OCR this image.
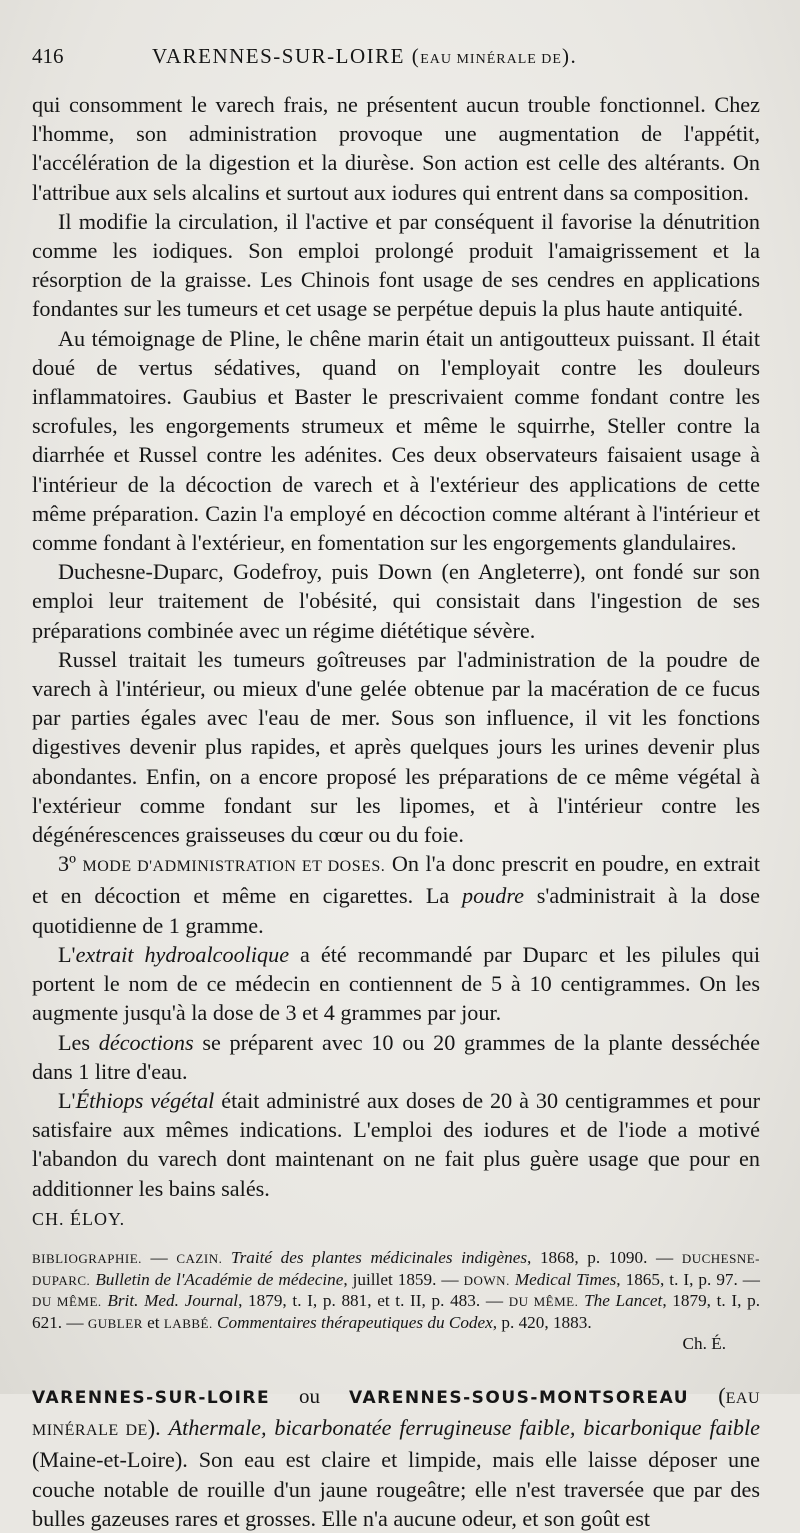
416	VARENNES-SUR-LOIRE (EAU MINÉRALE DE).

qui consomment le varech frais, ne présentent aucun trouble fonctionnel. Chez l'homme, son administration provoque une augmentation de l'appétit, l'accélération de la digestion et la diurèse. Son action est celle des altérants. On l'attribue aux sels alcalins et surtout aux iodures qui entrent dans sa composition.

Il modifie la circulation, il l'active et par conséquent il favorise la dénutrition comme les iodiques. Son emploi prolongé produit l'amaigrissement et la résorption de la graisse. Les Chinois font usage de ses cendres en applications fondantes sur les tumeurs et cet usage se perpétue depuis la plus haute antiquité.

Au témoignage de Pline, le chêne marin était un antigoutteux puissant. Il était doué de vertus sédatives, quand on l'employait contre les douleurs inflammatoires. Gaubius et Baster le prescrivaient comme fondant contre les scrofules, les engorgements strumeux et même le squirrhe, Steller contre la diarrhée et Russel contre les adénites. Ces deux observateurs faisaient usage à l'intérieur de la décoction de varech et à l'extérieur des applications de cette même préparation. Cazin l'a employé en décoction comme altérant à l'intérieur et comme fondant à l'extérieur, en fomentation sur les engorgements glandulaires.

Duchesne-Duparc, Godefroy, puis Down (en Angleterre), ont fondé sur son emploi leur traitement de l'obésité, qui consistait dans l'ingestion de ses préparations combinée avec un régime diététique sévère.

Russel traitait les tumeurs goîtreuses par l'administration de la poudre de varech à l'intérieur, ou mieux d'une gelée obtenue par la macération de ce fucus par parties égales avec l'eau de mer. Sous son influence, il vit les fonctions digestives devenir plus rapides, et après quelques jours les urines devenir plus abondantes. Enfin, on a encore proposé les préparations de ce même végétal à l'extérieur comme fondant sur les lipomes, et à l'intérieur contre les dégénérescences graisseuses du cœur ou du foie.

3º MODE D'ADMINISTRATION ET DOSES. On l'a donc prescrit en poudre, en extrait et en décoction et même en cigarettes. La poudre s'administrait à la dose quotidienne de 1 gramme.

L'extrait hydroalcoolique a été recommandé par Duparc et les pilules qui portent le nom de ce médecin en contiennent de 5 à 10 centigrammes. On les augmente jusqu'à la dose de 3 et 4 grammes par jour.

Les décoctions se préparent avec 10 ou 20 grammes de la plante desséchée dans 1 litre d'eau.

L'Éthiops végétal était administré aux doses de 20 à 30 centigrammes et pour satisfaire aux mêmes indications. L'emploi des iodures et de l'iode a motivé l'abandon du varech dont maintenant on ne fait plus guère usage que pour en additionner les bains salés.

CH. ÉLOY.

BIBLIOGRAPHIE. — CAZIN. Traité des plantes médicinales indigènes, 1868, p. 1090. — DUCHESNE-DUPARC. Bulletin de l'Académie de médecine, juillet 1859. — DOWN. Medical Times, 1865, t. I, p. 97. — DU MÊME. Brit. Med. Journal, 1879, t. I, p. 881, et t. II, p. 483. — DU MÊME. The Lancet, 1879, t. I, p. 621. — GUBLER et LABBÉ. Commentaires thérapeutiques du Codex, p. 420, 1883.
Ch. É.

VARENNES-SUR-LOIRE ou VARENNES-SOUS-MONTSOREAU (EAU MINÉRALE DE). Athermale, bicarbonatée ferrugineuse faible, bicarbonique faible (Maine-et-Loire). Son eau est claire et limpide, mais elle laisse déposer une couche notable de rouille d'un jaune rougeâtre; elle n'est traversée que par des bulles gazeuses rares et grosses. Elle n'a aucune odeur, et son goût est
